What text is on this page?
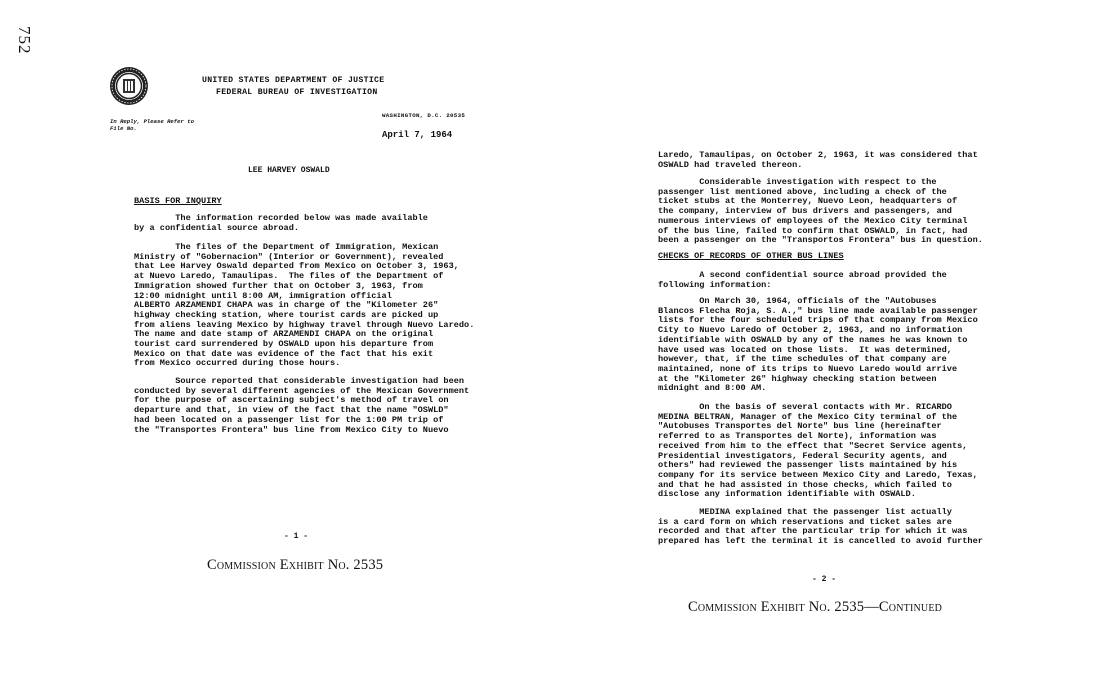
752
UNITED STATES DEPARTMENT OF JUSTICE
FEDERAL BUREAU OF INVESTIGATION
In Reply, Please Refer to
File No.
WASHINGTON, D.C. 20535
April 7, 1964
LEE HARVEY OSWALD
BASIS FOR INQUIRY
The information recorded below was made available
by a confidential source abroad.
The files of the Department of Immigration, Mexican
Ministry of "Gobernacion" (Interior or Government), revealed
that Lee Harvey Oswald departed from Mexico on October 3, 1963,
at Nuevo Laredo, Tamaulipas.  The files of the Department of
Immigration showed further that on October 3, 1963, from
12:00 midnight until 8:00 AM, immigration official
ALBERTO ARZAMENDI CHAPA was in charge of the "Kilometer 26"
highway checking station, where tourist cards are picked up
from aliens leaving Mexico by highway travel through Nuevo Laredo.
The name and date stamp of ARZAMENDI CHAPA on the original
tourist card surrendered by OSWALD upon his departure from
Mexico on that date was evidence of the fact that his exit
from Mexico occurred during those hours.
Source reported that considerable investigation had been
conducted by several different agencies of the Mexican Government
for the purpose of ascertaining subject's method of travel on
departure and that, in view of the fact that the name "OSWLD"
had been located on a passenger list for the 1:00 PM trip of
the "Transportes Frontera" bus line from Mexico City to Nuevo
- 1 -
Commission Exhibit No. 2535
Laredo, Tamaulipas, on October 2, 1963, it was considered that
OSWALD had traveled thereon.
Considerable investigation with respect to the
passenger list mentioned above, including a check of the
ticket stubs at the Monterrey, Nuevo Leon, headquarters of
the company, interview of bus drivers and passengers, and
numerous interviews of employees of the Mexico City terminal
of the bus line, failed to confirm that OSWALD, in fact, had
been a passenger on the "Transportos Frontera" bus in question.
CHECKS OF RECORDS OF OTHER BUS LINES
A second confidential source abroad provided the
following information:
On March 30, 1964, officials of the "Autobuses
Blancos Flecha Roja, S. A.," bus line made available passenger
lists for the four scheduled trips of that company from Mexico
City to Nuevo Laredo of October 2, 1963, and no information
identifiable with OSWALD by any of the names he was known to
have used was located on those lists.  It was determined,
however, that, if the time schedules of that company are
maintained, none of its trips to Nuevo Laredo would arrive
at the "Kilometer 26" highway checking station between
midnight and 8:00 AM.
On the basis of several contacts with Mr. RICARDO
MEDINA BELTRAN, Manager of the Mexico City terminal of the
"Autobuses Transportes del Norte" bus line (hereinafter
referred to as Transportes del Norte), information was
received from him to the effect that "Secret Service agents,
Presidential investigators, Federal Security agents, and
others" had reviewed the passenger lists maintained by his
company for its service between Mexico City and Laredo, Texas,
and that he had assisted in those checks, which failed to
disclose any information identifiable with OSWALD.
MEDINA explained that the passenger list actually
is a card form on which reservations and ticket sales are
recorded and that after the particular trip for which it was
prepared has left the terminal it is cancelled to avoid further
- 2 -
Commission Exhibit No. 2535—Continued
